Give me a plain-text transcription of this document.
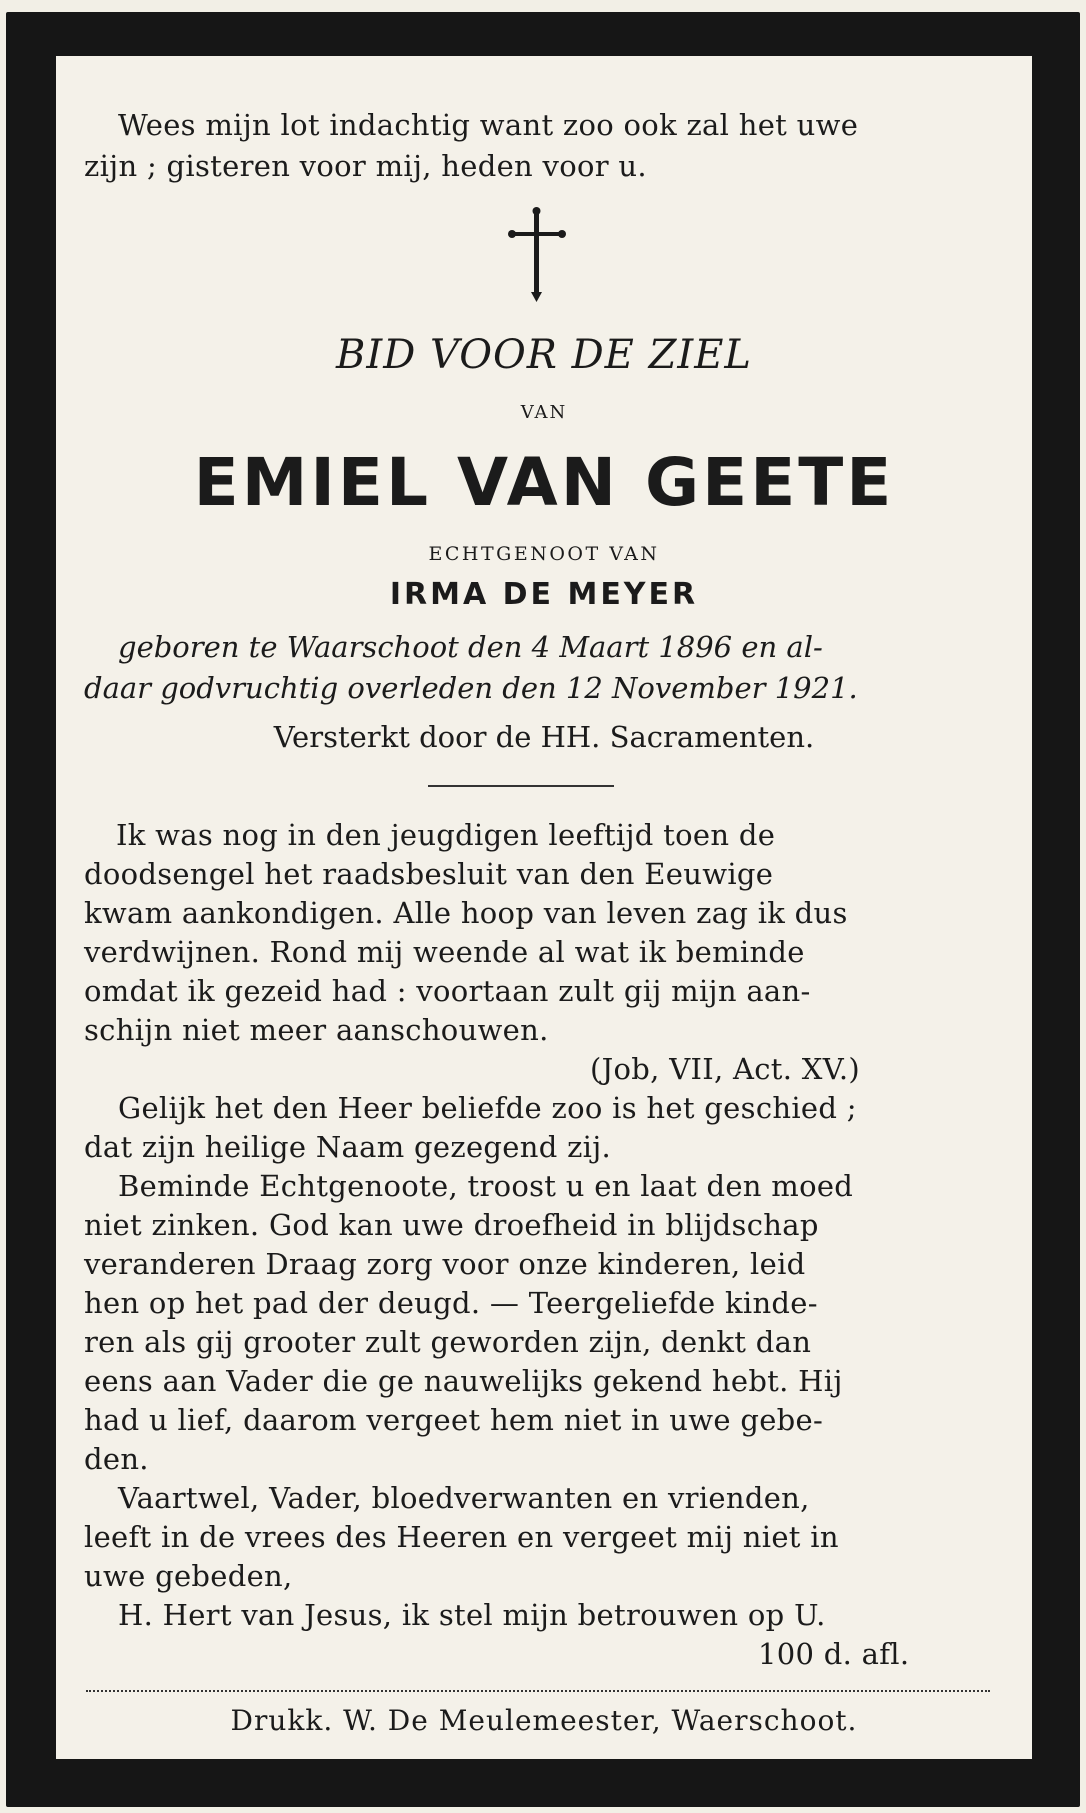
Wees mijn lot indachtig want zoo ook zal het uwe
zijn ; gisteren voor mij, heden voor u.
BID VOOR DE ZIEL
VAN
EMIEL VAN GEETE
ECHTGENOOT VAN
IRMA DE MEYER
geboren te Waarschoot den 4 Maart 1896 en al-
daar godvruchtig overleden den 12 November 1921.
Versterkt door de HH. Sacramenten.
Ik was nog in den jeugdigen leeftijd toen de
doodsengel het raadsbesluit van den Eeuwige
kwam aankondigen. Alle hoop van leven zag ik dus
verdwijnen. Rond mij weende al wat ik beminde
omdat ik gezeid had : voortaan zult gij mijn aan-
schijn niet meer aanschouwen.
(Job, VII, Act. XV.)
Gelijk het den Heer beliefde zoo is het geschied ;
dat zijn heilige Naam gezegend zij.
Beminde Echtgenoote, troost u en laat den moed
niet zinken. God kan uwe droefheid in blijdschap
veranderen Draag zorg voor onze kinderen, leid
hen op het pad der deugd. — Teergeliefde kinde-
ren als gij grooter zult geworden zijn, denkt dan
eens aan Vader die ge nauwelijks gekend hebt. Hij
had u lief, daarom vergeet hem niet in uwe gebe-
den.
Vaartwel, Vader, bloedverwanten en vrienden,
leeft in de vrees des Heeren en vergeet mij niet in
uwe gebeden,
H. Hert van Jesus, ik stel mijn betrouwen op U.
100 d. afl.
Drukk. W. De Meulemeester, Waerschoot.
